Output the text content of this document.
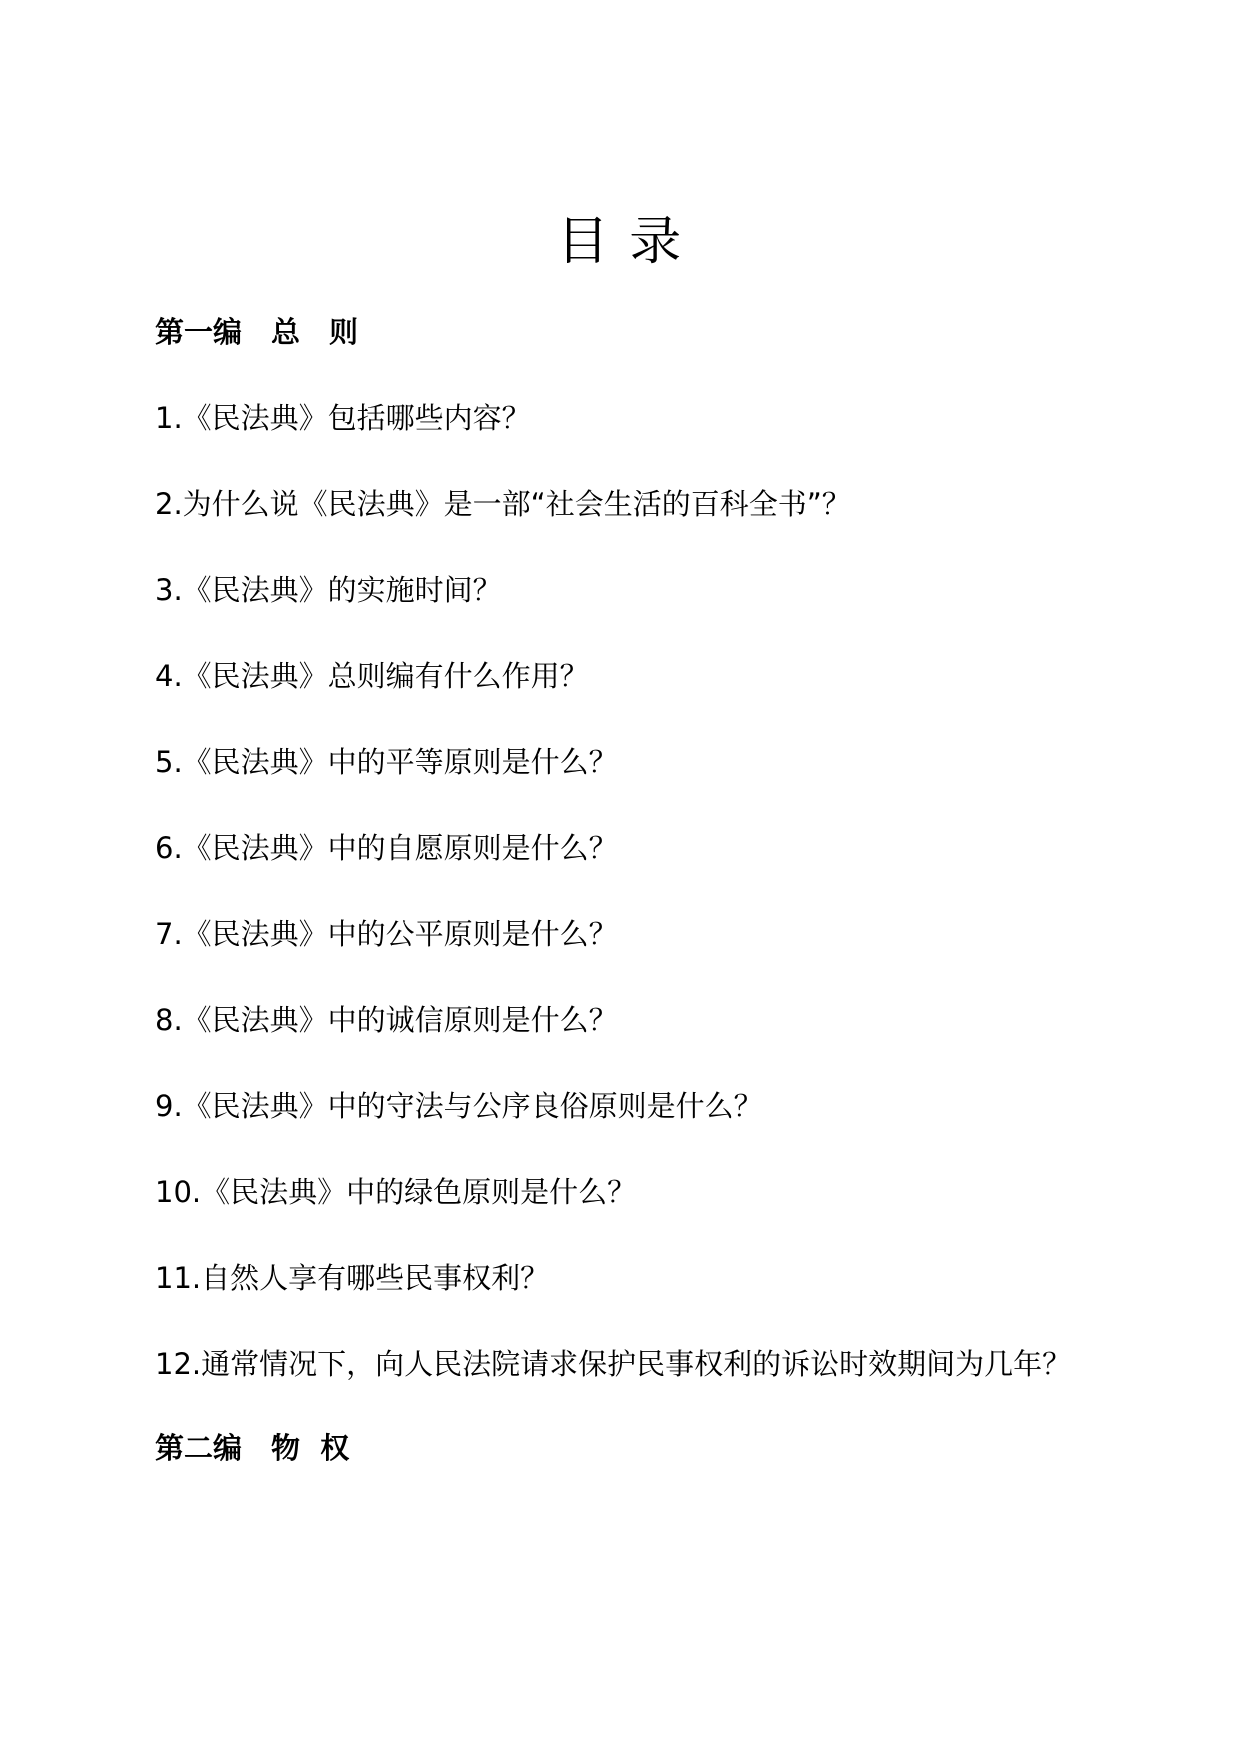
目 录
第一编　总　则
1.《民法典》包括哪些内容？
2.为什么说《民法典》是一部“社会生活的百科全书”？
3.《民法典》的实施时间？
4.《民法典》总则编有什么作用？
5.《民法典》中的平等原则是什么？
6.《民法典》中的自愿原则是什么？
7.《民法典》中的公平原则是什么？
8.《民法典》中的诚信原则是什么？
9.《民法典》中的守法与公序良俗原则是什么？
10.《民法典》中的绿色原则是什么？
11.自然人享有哪些民事权利？
12.通常情况下，向人民法院请求保护民事权利的诉讼时效期间为几年？
第二编　物  权
